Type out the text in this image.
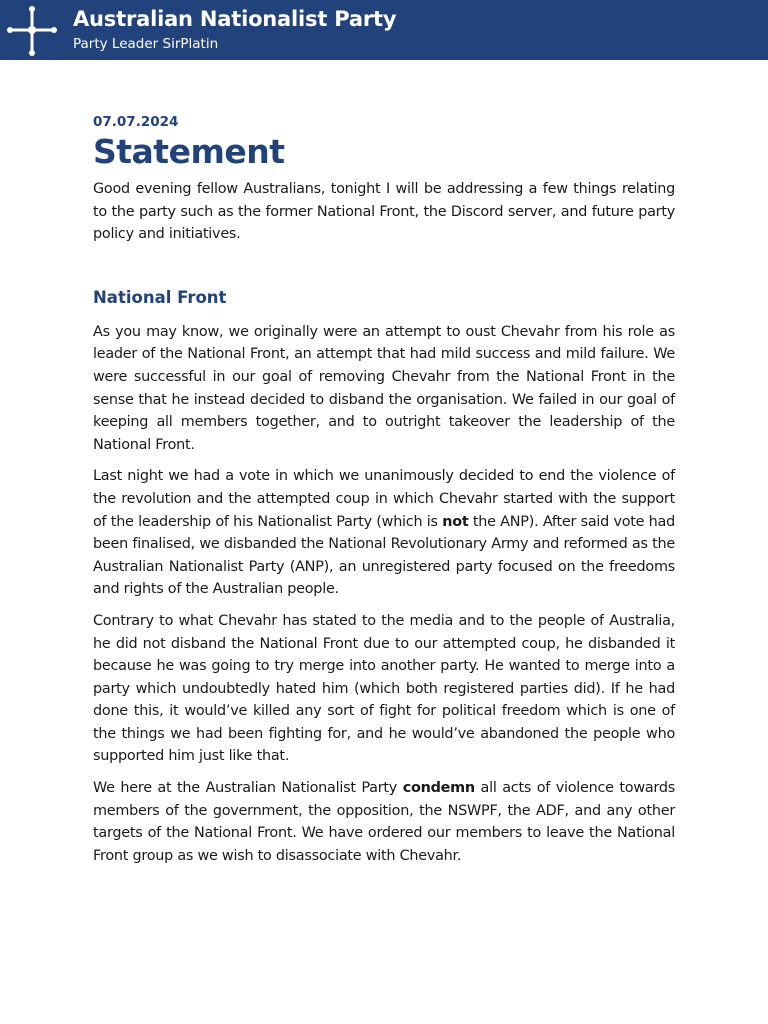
Australian Nationalist Party
Party Leader SirPlatin

07.07.2024

Statement

Good evening fellow Australians, tonight I will be addressing a few things relating to the party such as the former National Front, the Discord server, and future party policy and initiatives.

National Front

As you may know, we originally were an attempt to oust Chevahr from his role as leader of the National Front, an attempt that had mild success and mild failure. We were successful in our goal of removing Chevahr from the National Front in the sense that he instead decided to disband the organisation. We failed in our goal of keeping all members together, and to outright takeover the leadership of the National Front.

Last night we had a vote in which we unanimously decided to end the violence of the revolution and the attempted coup in which Chevahr started with the support of the leadership of his Nationalist Party (which is not the ANP). After said vote had been finalised, we disbanded the National Revolutionary Army and reformed as the Australian Nationalist Party (ANP), an unregistered party focused on the freedoms and rights of the Australian people.

Contrary to what Chevahr has stated to the media and to the people of Australia, he did not disband the National Front due to our attempted coup, he disbanded it because he was going to try merge into another party. He wanted to merge into a party which undoubtedly hated him (which both registered parties did). If he had done this, it would’ve killed any sort of fight for political freedom which is one of the things we had been fighting for, and he would’ve abandoned the people who supported him just like that.

We here at the Australian Nationalist Party condemn all acts of violence towards members of the government, the opposition, the NSWPF, the ADF, and any other targets of the National Front. We have ordered our members to leave the National Front group as we wish to disassociate with Chevahr.
